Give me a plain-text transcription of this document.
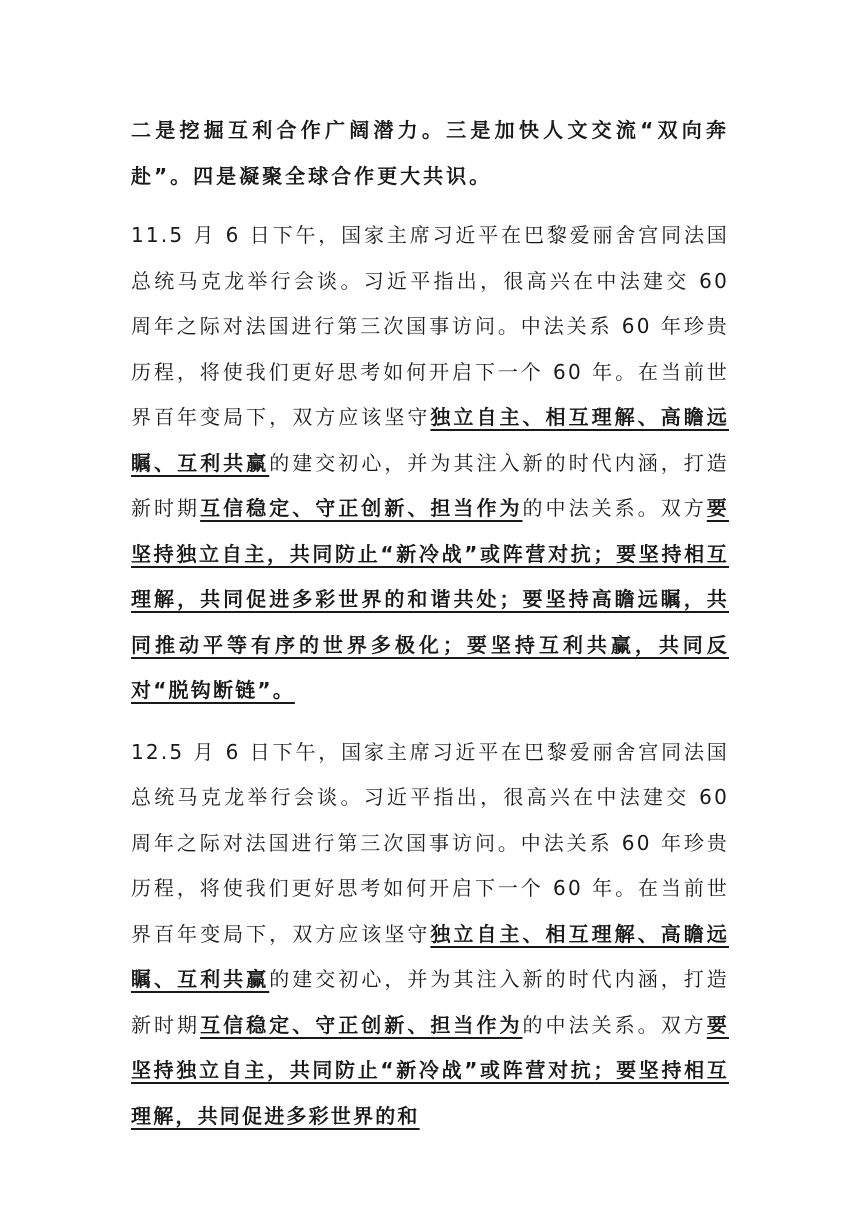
二是挖掘互利合作广阔潜力。三是加快人文交流“双向奔赴”。四是凝聚全球合作更大共识。

11.5 月 6 日下午，国家主席习近平在巴黎爱丽舍宫同法国总统马克龙举行会谈。习近平指出，很高兴在中法建交 60 周年之际对法国进行第三次国事访问。中法关系 60 年珍贵历程，将使我们更好思考如何开启下一个 60 年。在当前世界百年变局下，双方应该坚守独立自主、相互理解、高瞻远瞩、互利共赢的建交初心，并为其注入新的时代内涵，打造新时期互信稳定、守正创新、担当作为的中法关系。双方要坚持独立自主，共同防止“新冷战”或阵营对抗；要坚持相互理解，共同促进多彩世界的和谐共处；要坚持高瞻远瞩，共同推动平等有序的世界多极化；要坚持互利共赢，共同反对“脱钩断链”。

12.5 月 6 日下午，国家主席习近平在巴黎爱丽舍宫同法国总统马克龙举行会谈。习近平指出，很高兴在中法建交 60 周年之际对法国进行第三次国事访问。中法关系 60 年珍贵历程，将使我们更好思考如何开启下一个 60 年。在当前世界百年变局下，双方应该坚守独立自主、相互理解、高瞻远瞩、互利共赢的建交初心，并为其注入新的时代内涵，打造新时期互信稳定、守正创新、担当作为的中法关系。双方要坚持独立自主，共同防止“新冷战”或阵营对抗；要坚持相互理解，共同促进多彩世界的和
